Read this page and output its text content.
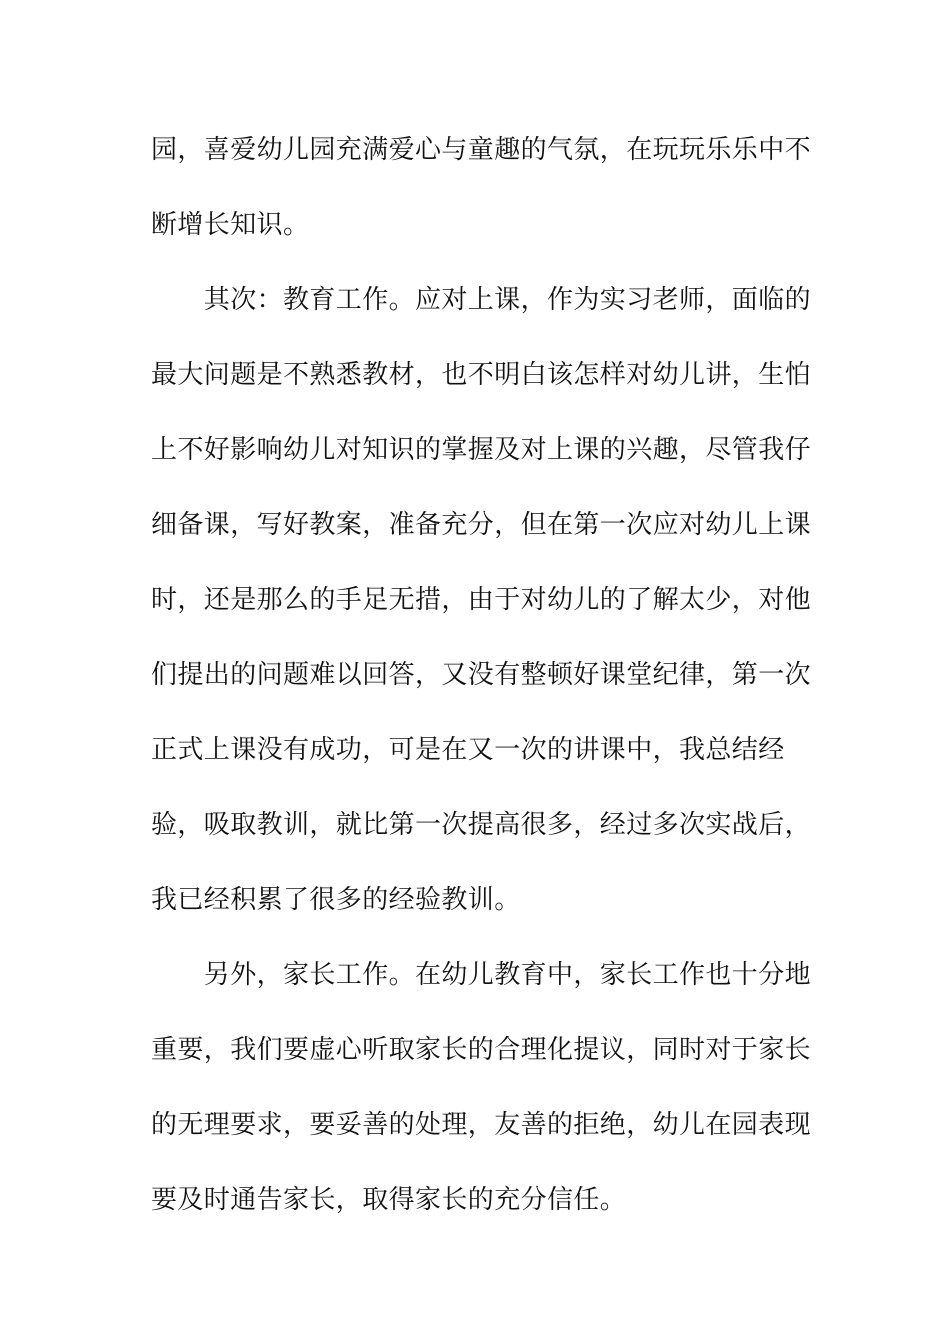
园，喜爱幼儿园充满爱心与童趣的气氛，在玩玩乐乐中不
断增长知识。
　　其次：教育工作。应对上课，作为实习老师，面临的
最大问题是不熟悉教材，也不明白该怎样对幼儿讲，生怕
上不好影响幼儿对知识的掌握及对上课的兴趣，尽管我仔
细备课，写好教案，准备充分，但在第一次应对幼儿上课
时，还是那么的手足无措，由于对幼儿的了解太少，对他
们提出的问题难以回答，又没有整顿好课堂纪律，第一次
正式上课没有成功，可是在又一次的讲课中，我总结经
验，吸取教训，就比第一次提高很多，经过多次实战后，
我已经积累了很多的经验教训。
　　另外，家长工作。在幼儿教育中，家长工作也十分地
重要，我们要虚心听取家长的合理化提议，同时对于家长
的无理要求，要妥善的处理，友善的拒绝，幼儿在园表现
要及时通告家长，取得家长的充分信任。
